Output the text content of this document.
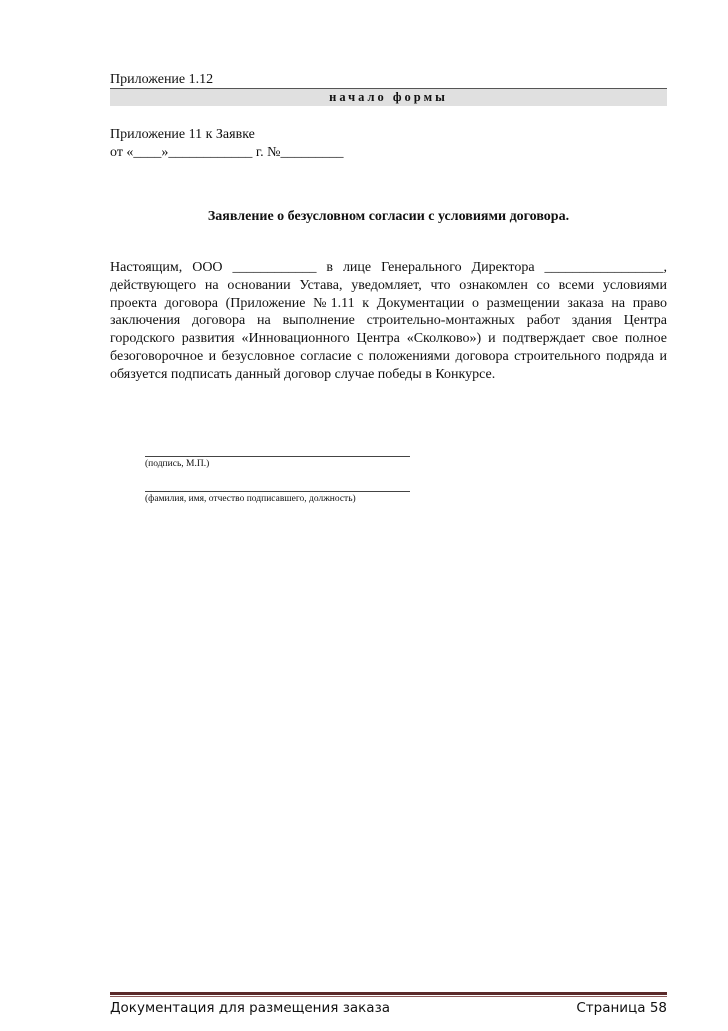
Приложение 1.12
начало формы
Приложение 11 к Заявке
от «____»____________ г. №_________
Заявление о безусловном согласии с условиями договора.
Настоящим, ООО ____________ в лице Генерального Директора _________________, действующего на основании Устава, уведомляет, что ознакомлен со всеми условиями проекта договора (Приложение №1.11 к Документации о размещении заказа на право заключения договора на выполнение строительно-монтажных работ здания Центра городского развития «Инновационного Центра «Сколково») и подтверждает свое полное безоговорочное и безусловное согласие с положениями договора строительного подряда и обязуется подписать данный договор случае победы в Конкурсе.
(подпись, М.П.)
(фамилия, имя, отчество подписавшего, должность)
Документация для размещения заказа	Страница 58
